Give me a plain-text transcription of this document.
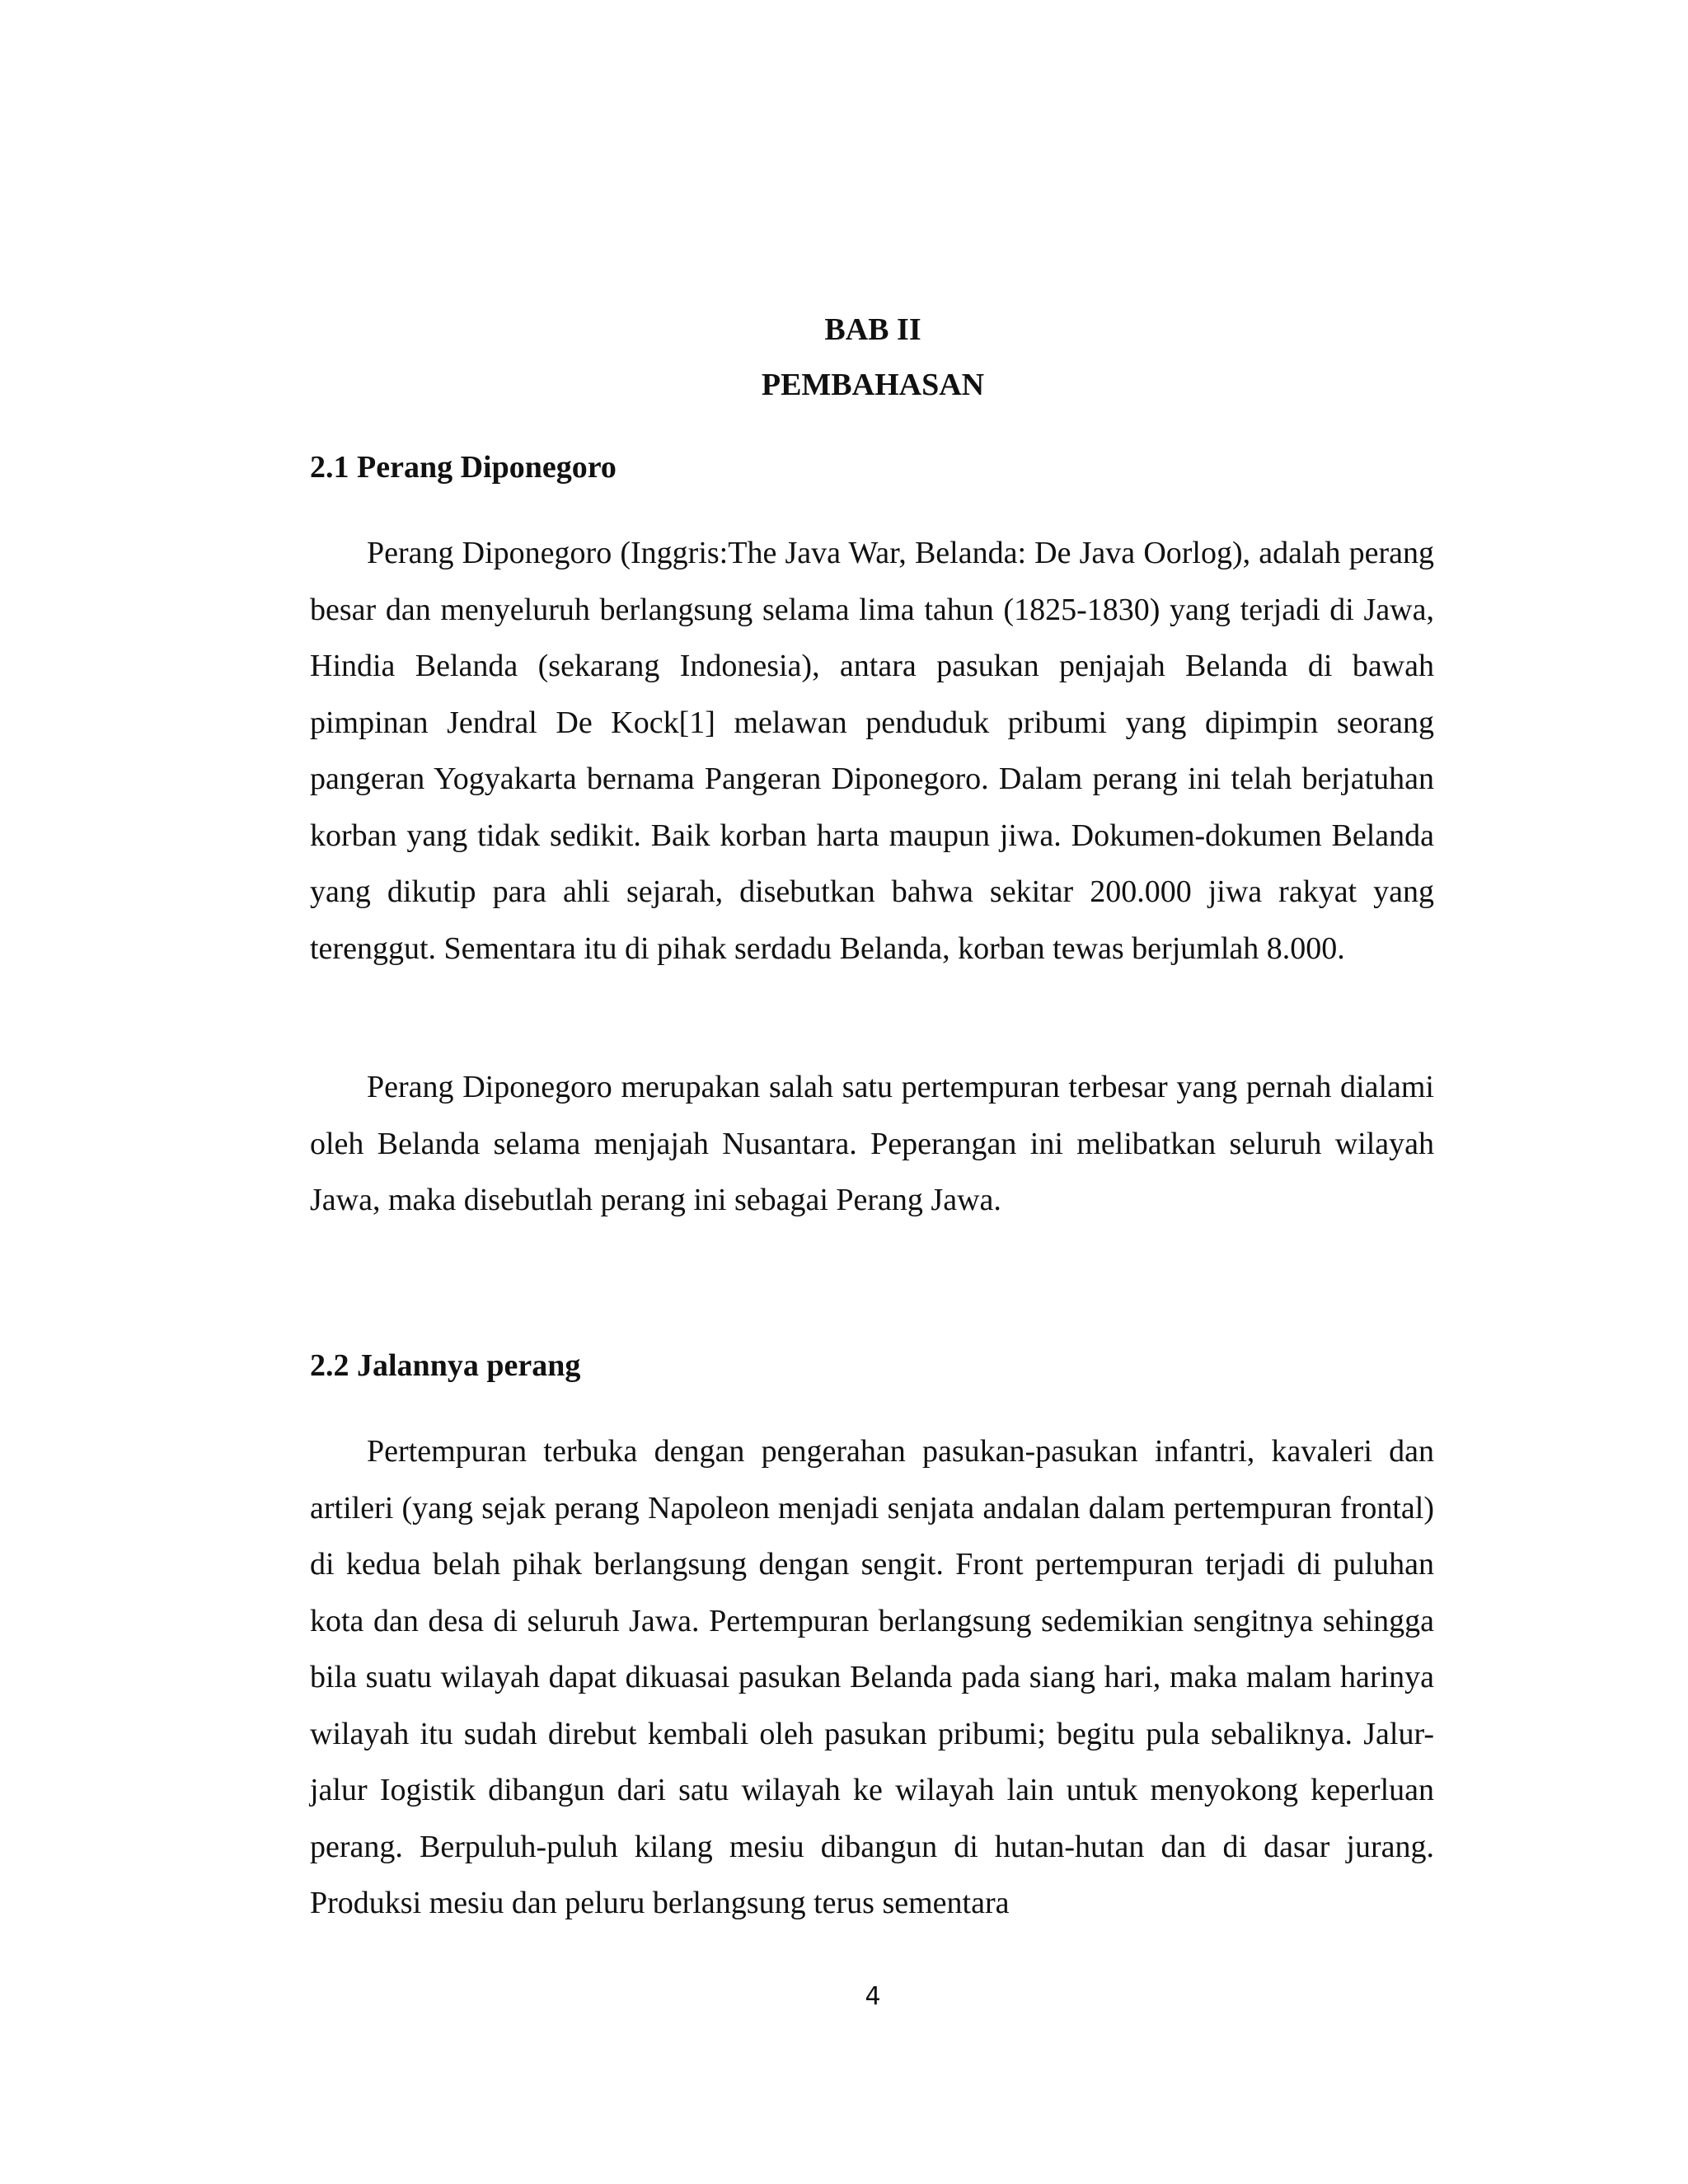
BAB II
PEMBAHASAN
2.1 Perang Diponegoro

Perang Diponegoro (Inggris:The Java War, Belanda: De Java Oorlog), adalah perang besar dan menyeluruh berlangsung selama lima tahun (1825-1830) yang terjadi di Jawa, Hindia Belanda (sekarang Indonesia), antara pasukan penjajah Belanda di bawah pimpinan Jendral De Kock[1] melawan penduduk pribumi yang dipimpin seorang pangeran Yogyakarta bernama Pangeran Diponegoro. Dalam perang ini telah berjatuhan korban yang tidak sedikit. Baik korban harta maupun jiwa. Dokumen-dokumen Belanda yang dikutip para ahli sejarah, disebutkan bahwa sekitar 200.000 jiwa rakyat yang terenggut. Sementara itu di pihak serdadu Belanda, korban tewas berjumlah 8.000.

Perang Diponegoro merupakan salah satu pertempuran terbesar yang pernah dialami oleh Belanda selama menjajah Nusantara. Peperangan ini melibatkan seluruh wilayah Jawa, maka disebutlah perang ini sebagai Perang Jawa.

2.2 Jalannya perang

Pertempuran terbuka dengan pengerahan pasukan-pasukan infantri, kavaleri dan artileri (yang sejak perang Napoleon menjadi senjata andalan dalam pertempuran frontal) di kedua belah pihak berlangsung dengan sengit. Front pertempuran terjadi di puluhan kota dan desa di seluruh Jawa. Pertempuran berlangsung sedemikian sengitnya sehingga bila suatu wilayah dapat dikuasai pasukan Belanda pada siang hari, maka malam harinya wilayah itu sudah direbut kembali oleh pasukan pribumi; begitu pula sebaliknya. Jalur-jalur Iogistik dibangun dari satu wilayah ke wilayah lain untuk menyokong keperluan perang. Berpuluh-puluh kilang mesiu dibangun di hutan-hutan dan di dasar jurang. Produksi mesiu dan peluru berlangsung terus sementara

4
